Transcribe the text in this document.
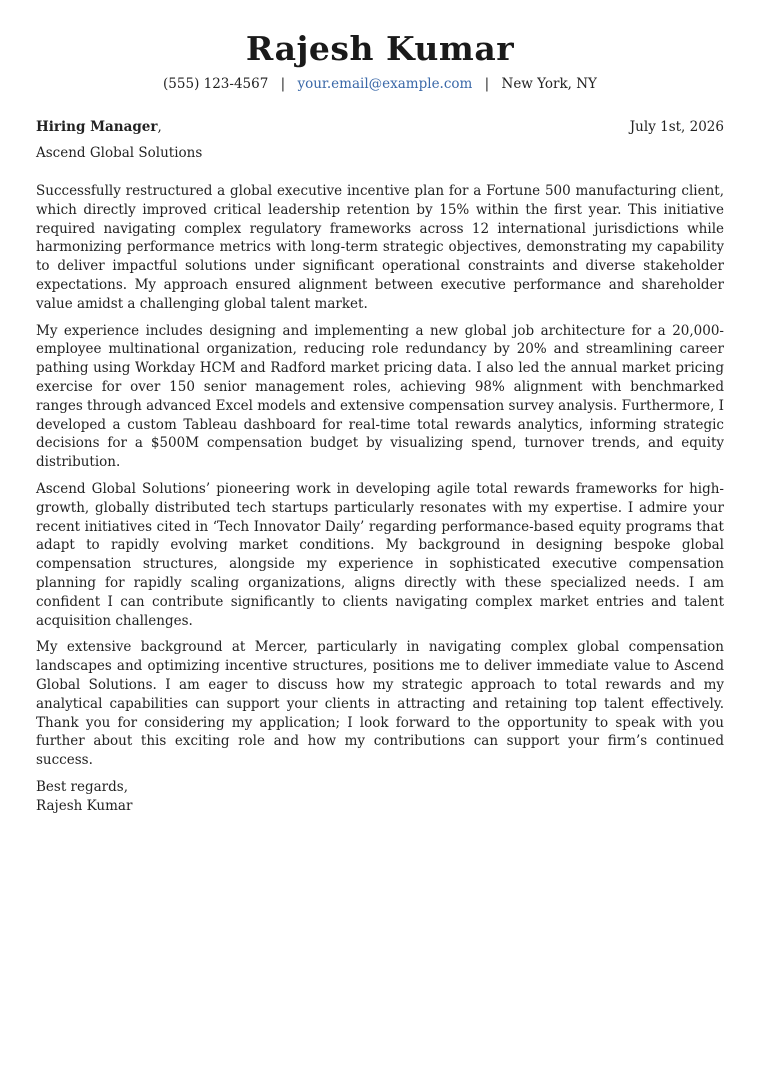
Rajesh Kumar
(555) 123-4567 | your.email@example.com | New York, NY
Hiring Manager,	July 1st, 2026
Ascend Global Solutions

Successfully restructured a global executive incentive plan for a Fortune 500 manufacturing client, which directly improved critical leadership retention by 15% within the first year. This initiative required navigating complex regulatory frameworks across 12 international jurisdictions while harmonizing performance metrics with long-term strategic objectives, demonstrating my capability to deliver impactful solutions under significant operational constraints and diverse stakeholder expectations. My approach ensured alignment between executive performance and shareholder value amidst a challenging global talent market.

My experience includes designing and implementing a new global job architecture for a 20,000-employee multinational organization, reducing role redundancy by 20% and streamlining career pathing using Workday HCM and Radford market pricing data. I also led the annual market pricing exercise for over 150 senior management roles, achieving 98% alignment with benchmarked ranges through advanced Excel models and extensive compensation survey analysis. Furthermore, I developed a custom Tableau dashboard for real-time total rewards analytics, informing strategic decisions for a $500M compensation budget by visualizing spend, turnover trends, and equity distribution.

Ascend Global Solutions’ pioneering work in developing agile total rewards frameworks for high-growth, globally distributed tech startups particularly resonates with my expertise. I admire your recent initiatives cited in ‘Tech Innovator Daily’ regarding performance-based equity programs that adapt to rapidly evolving market conditions. My background in designing bespoke global compensation structures, alongside my experience in sophisticated executive compensation planning for rapidly scaling organizations, aligns directly with these specialized needs. I am confident I can contribute significantly to clients navigating complex market entries and talent acquisition challenges.

My extensive background at Mercer, particularly in navigating complex global compensation landscapes and optimizing incentive structures, positions me to deliver immediate value to Ascend Global Solutions. I am eager to discuss how my strategic approach to total rewards and my analytical capabilities can support your clients in attracting and retaining top talent effectively. Thank you for considering my application; I look forward to the opportunity to speak with you further about this exciting role and how my contributions can support your firm’s continued success.

Best regards,
Rajesh Kumar
